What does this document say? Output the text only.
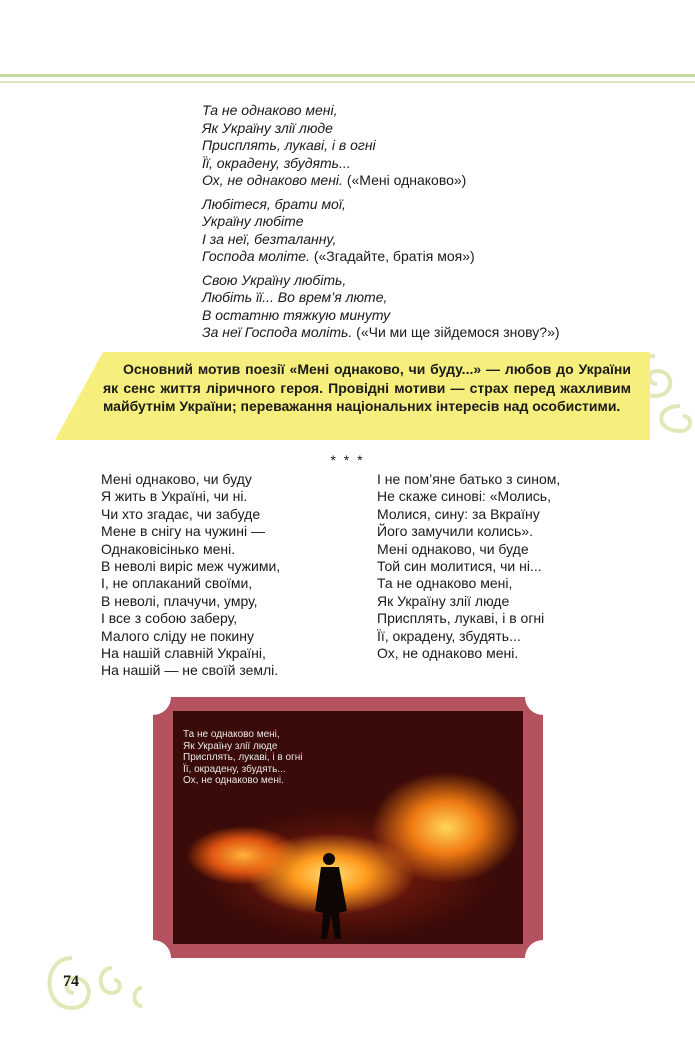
Та не однаково мені,
Як Україну злії люде
Присплять, лукаві, і в огні
Її, окрадену, збудять...
Ох, не однаково мені. («Мені однаково»)
Любітеся, брати мої,
Україну любіте
І за неї, безталанну,
Господа моліте. («Згадайте, братія моя»)
Свою Україну любіть,
Любіть її... Во врем’я люте,
В остатню тяжкую минуту
За неї Господа моліть. («Чи ми ще зійдемося знову?»)
Основний мотив поезії «Мені однаково, чи буду...» — любов до України як сенс життя ліричного героя. Провідні мотиви — страх перед жахливим майбутнім України; переважання національних інтересів над особистими.
* * *
Мені однаково, чи буду
Я жить в Україні, чи ні.
Чи хто згадає, чи забуде
Мене в снігу на чужині —
Однаковісінько мені.
В неволі виріс меж чужими,
І, не оплаканий своїми,
В неволі, плачучи, умру,
І все з собою заберу,
Малого сліду не покину
На нашій славній Україні,
На нашій — не своїй землі.
І не пом’яне батько з сином,
Не скаже синові: «Молись,
Молися, сину: за Вкраїну
Його замучили колись».
Мені однаково, чи буде
Той син молитися, чи ні...
Та не однаково мені,
Як Україну злії люде
Присплять, лукаві, і в огні
Її, окрадену, збудять...
Ох, не однаково мені.
Та не однаково мені,
Як Україну злії люде
Присплять, лукаві, і в огні
Її, окрадену, збудять...
Ох, не однаково мені.
74
